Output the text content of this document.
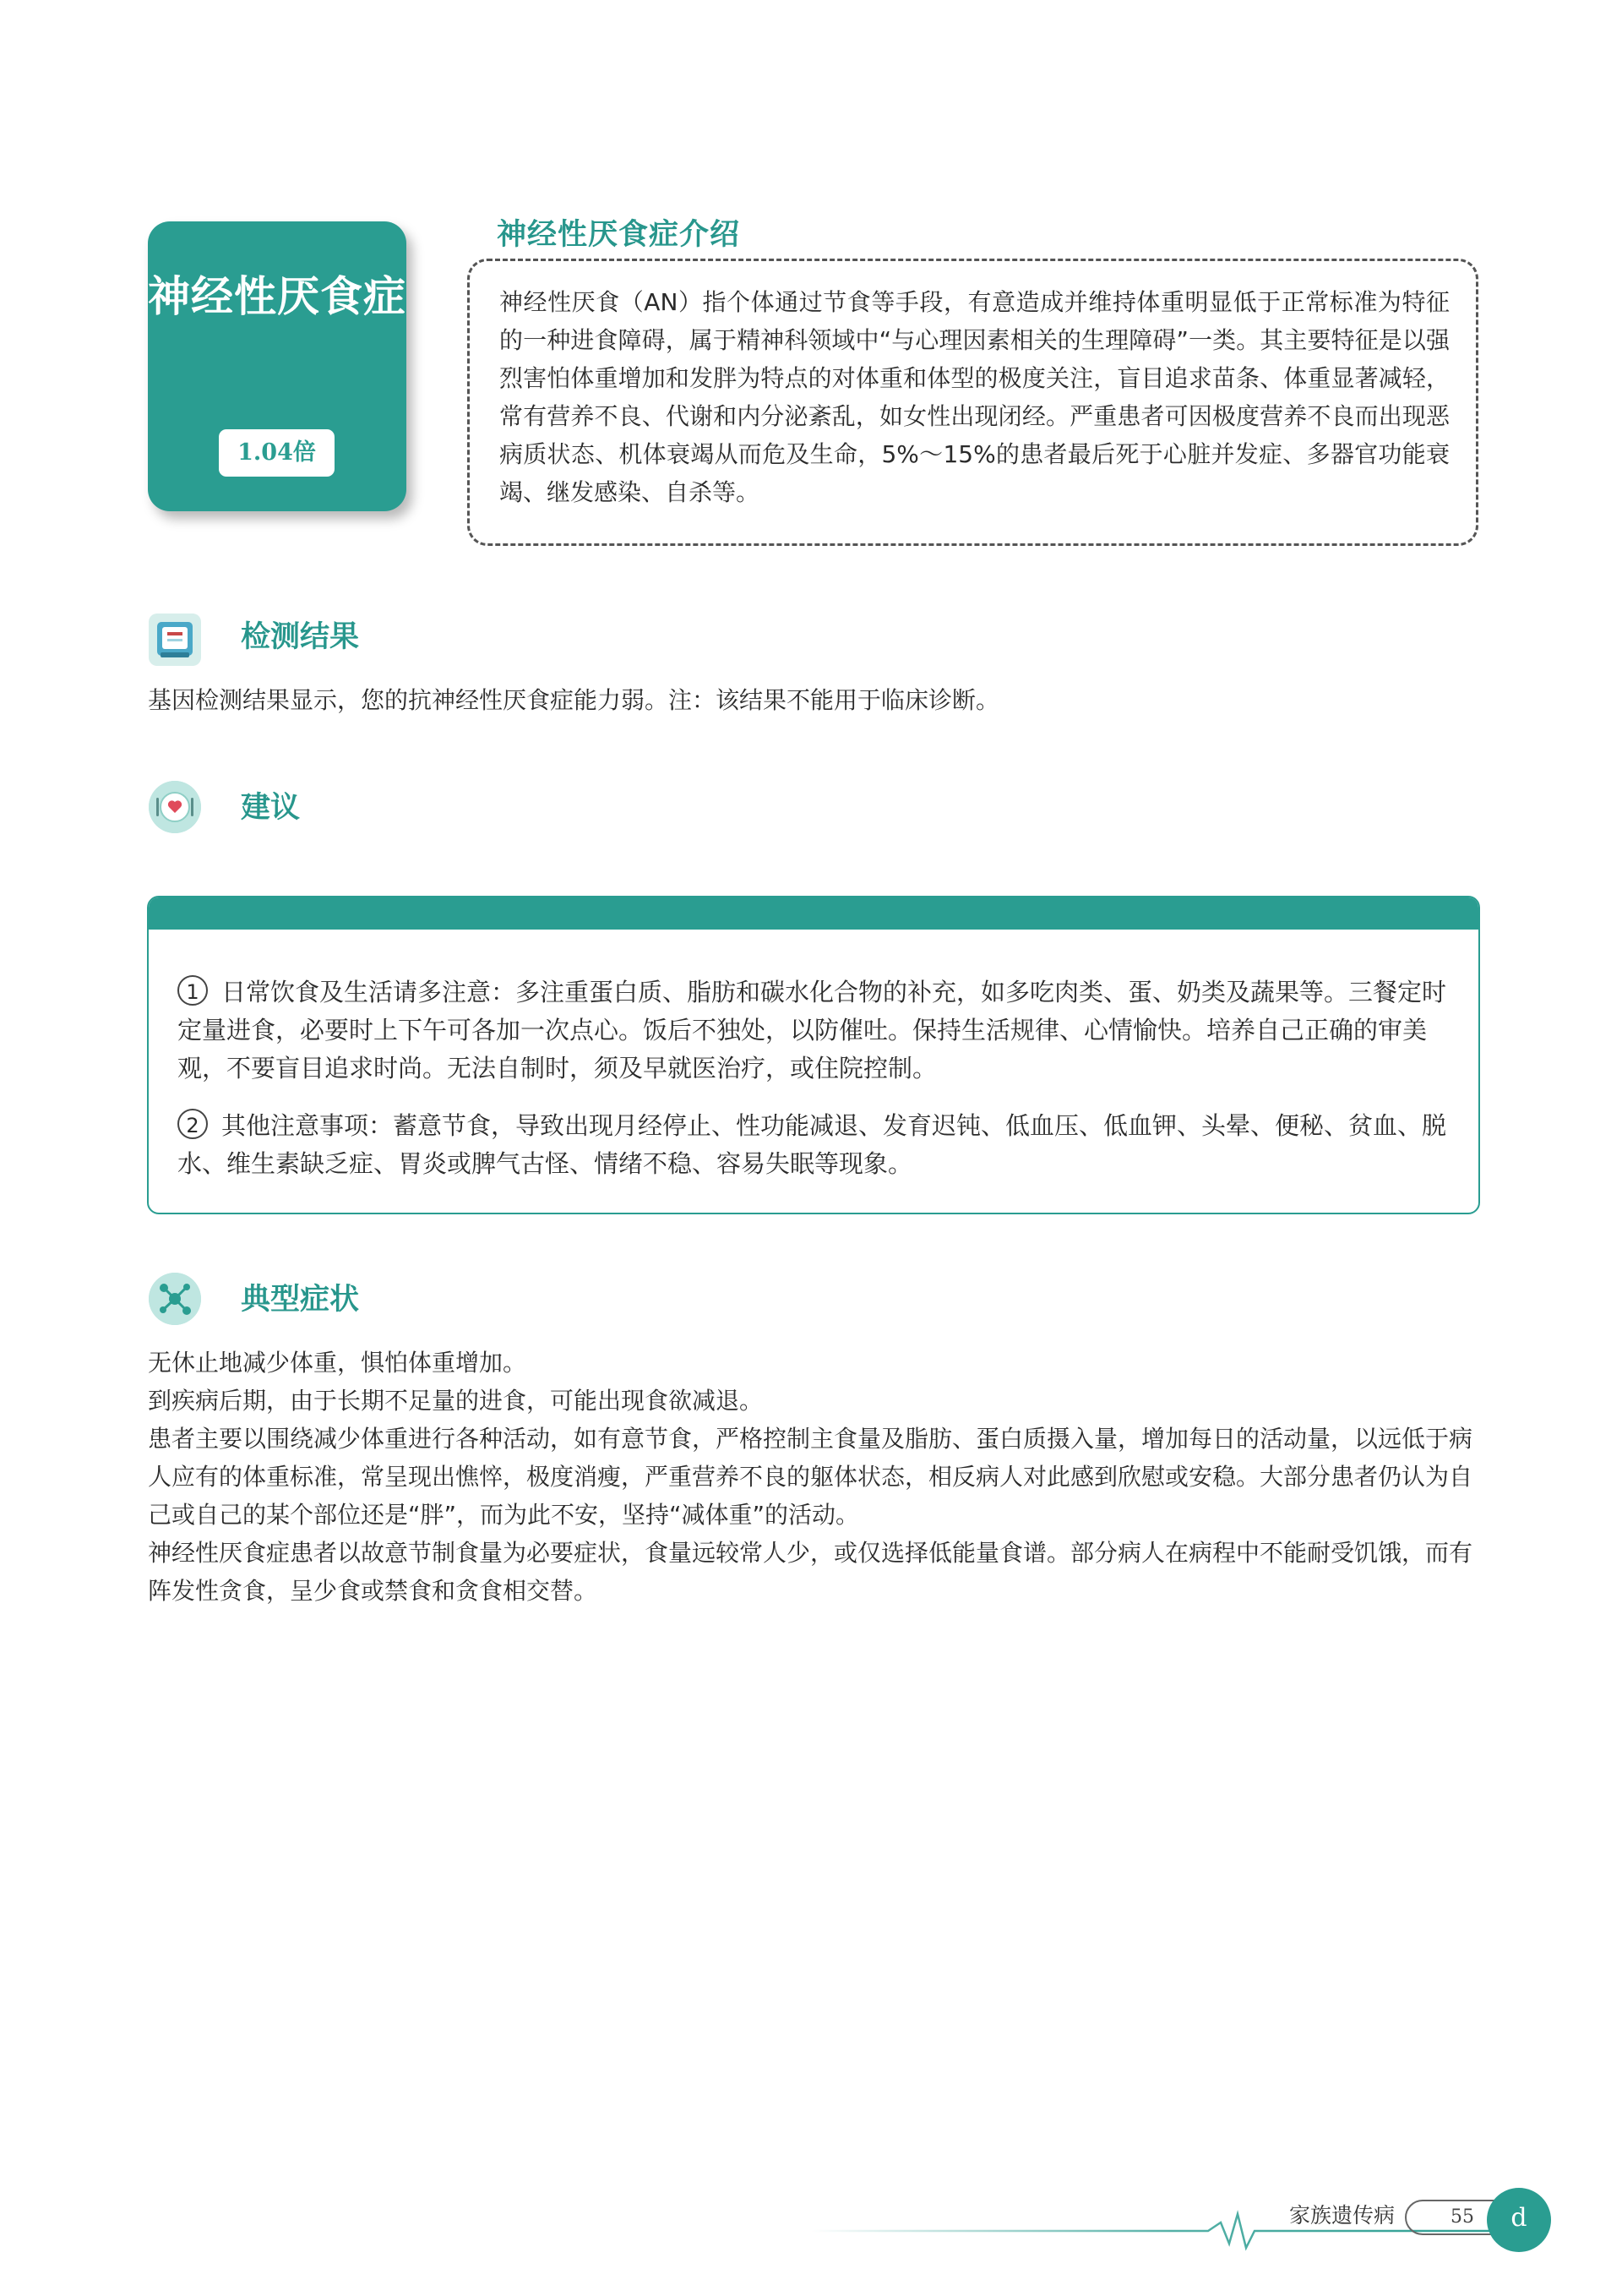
神经性厌食症
1.04倍
神经性厌食症介绍
神经性厌食（AN）指个体通过节食等手段，有意造成并维持体重明显低于正常标准为特征的一种进食障碍，属于精神科领域中“与心理因素相关的生理障碍”一类。其主要特征是以强烈害怕体重增加和发胖为特点的对体重和体型的极度关注，盲目追求苗条、体重显著减轻，常有营养不良、代谢和内分泌紊乱，如女性出现闭经。严重患者可因极度营养不良而出现恶病质状态、机体衰竭从而危及生命，5%～15%的患者最后死于心脏并发症、多器官功能衰竭、继发感染、自杀等。
检测结果
基因检测结果显示，您的抗神经性厌食症能力弱。注：该结果不能用于临床诊断。
建议
1 日常饮食及生活请多注意：多注重蛋白质、脂肪和碳水化合物的补充，如多吃肉类、蛋、奶类及蔬果等。三餐定时定量进食，必要时上下午可各加一次点心。饭后不独处，以防催吐。保持生活规律、心情愉快。培养自己正确的审美观，不要盲目追求时尚。无法自制时，须及早就医治疗，或住院控制。
2 其他注意事项：蓄意节食，导致出现月经停止、性功能减退、发育迟钝、低血压、低血钾、头晕、便秘、贫血、脱水、维生素缺乏症、胃炎或脾气古怪、情绪不稳、容易失眠等现象。
典型症状
无休止地减少体重，惧怕体重增加。
到疾病后期，由于长期不足量的进食，可能出现食欲减退。
患者主要以围绕减少体重进行各种活动，如有意节食，严格控制主食量及脂肪、蛋白质摄入量，增加每日的活动量，以远低于病人应有的体重标准，常呈现出憔悴，极度消瘦，严重营养不良的躯体状态，相反病人对此感到欣慰或安稳。大部分患者仍认为自己或自己的某个部位还是“胖”，而为此不安，坚持“减体重”的活动。
神经性厌食症患者以故意节制食量为必要症状，食量远较常人少，或仅选择低能量食谱。部分病人在病程中不能耐受饥饿，而有阵发性贪食，呈少食或禁食和贪食相交替。
家族遗传病	55	d
